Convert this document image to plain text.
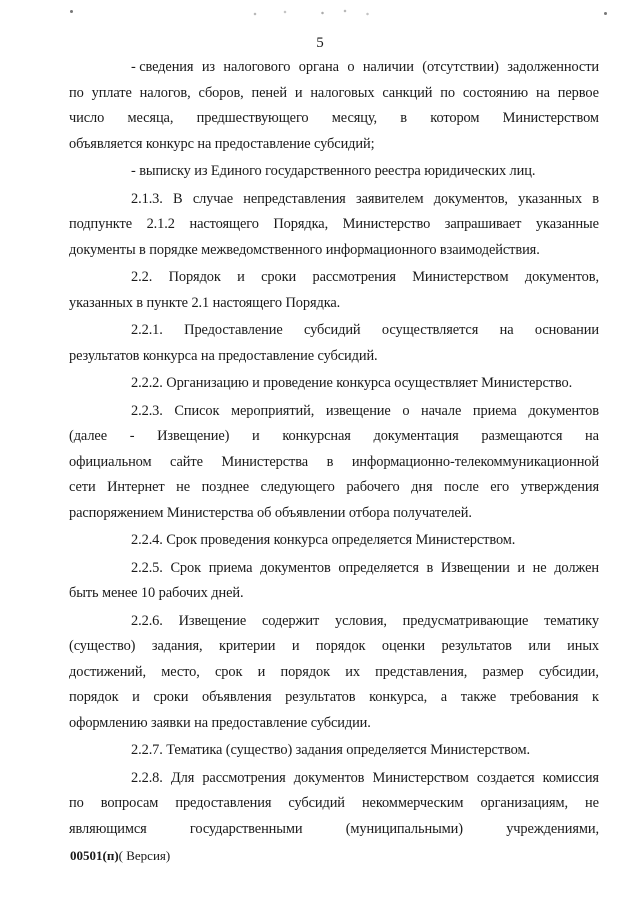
5
- сведения из налогового органа о наличии (отсутствии) задолженности
по уплате налогов, сборов, пеней и налоговых санкций по состоянию на первое
число месяца, предшествующего месяцу, в котором Министерством
объявляется конкурс на предоставление субсидий;
- выписку из Единого государственного реестра юридических лиц.
2.1.3. В случае непредставления заявителем документов, указанных в
подпункте 2.1.2 настоящего Порядка, Министерство запрашивает указанные
документы в порядке межведомственного информационного взаимодействия.
2.2. Порядок и сроки рассмотрения Министерством документов,
указанных в пункте 2.1 настоящего Порядка.
2.2.1. Предоставление субсидий осуществляется на основании
результатов конкурса на предоставление субсидий.
2.2.2. Организацию и проведение конкурса осуществляет Министерство.
2.2.3. Список мероприятий, извещение о начале приема документов
(далее - Извещение) и конкурсная документация размещаются на
официальном сайте Министерства в информационно-телекоммуникационной
сети Интернет не позднее следующего рабочего дня после его утверждения
распоряжением Министерства об объявлении отбора получателей.
2.2.4. Срок проведения конкурса определяется Министерством.
2.2.5. Срок приема документов определяется в Извещении и не должен
быть менее 10 рабочих дней.
2.2.6. Извещение содержит условия, предусматривающие тематику
(существо) задания, критерии и порядок оценки результатов или иных
достижений, место, срок и порядок их представления, размер субсидии,
порядок и сроки объявления результатов конкурса, а также требования к
оформлению заявки на предоставление субсидии.
2.2.7. Тематика (существо) задания определяется Министерством.
2.2.8. Для рассмотрения документов Министерством создается комиссия
по вопросам предоставления субсидий некоммерческим организациям, не
являющимся	государственными	(муниципальными)	учреждениями,
00501(п)( Версия)
